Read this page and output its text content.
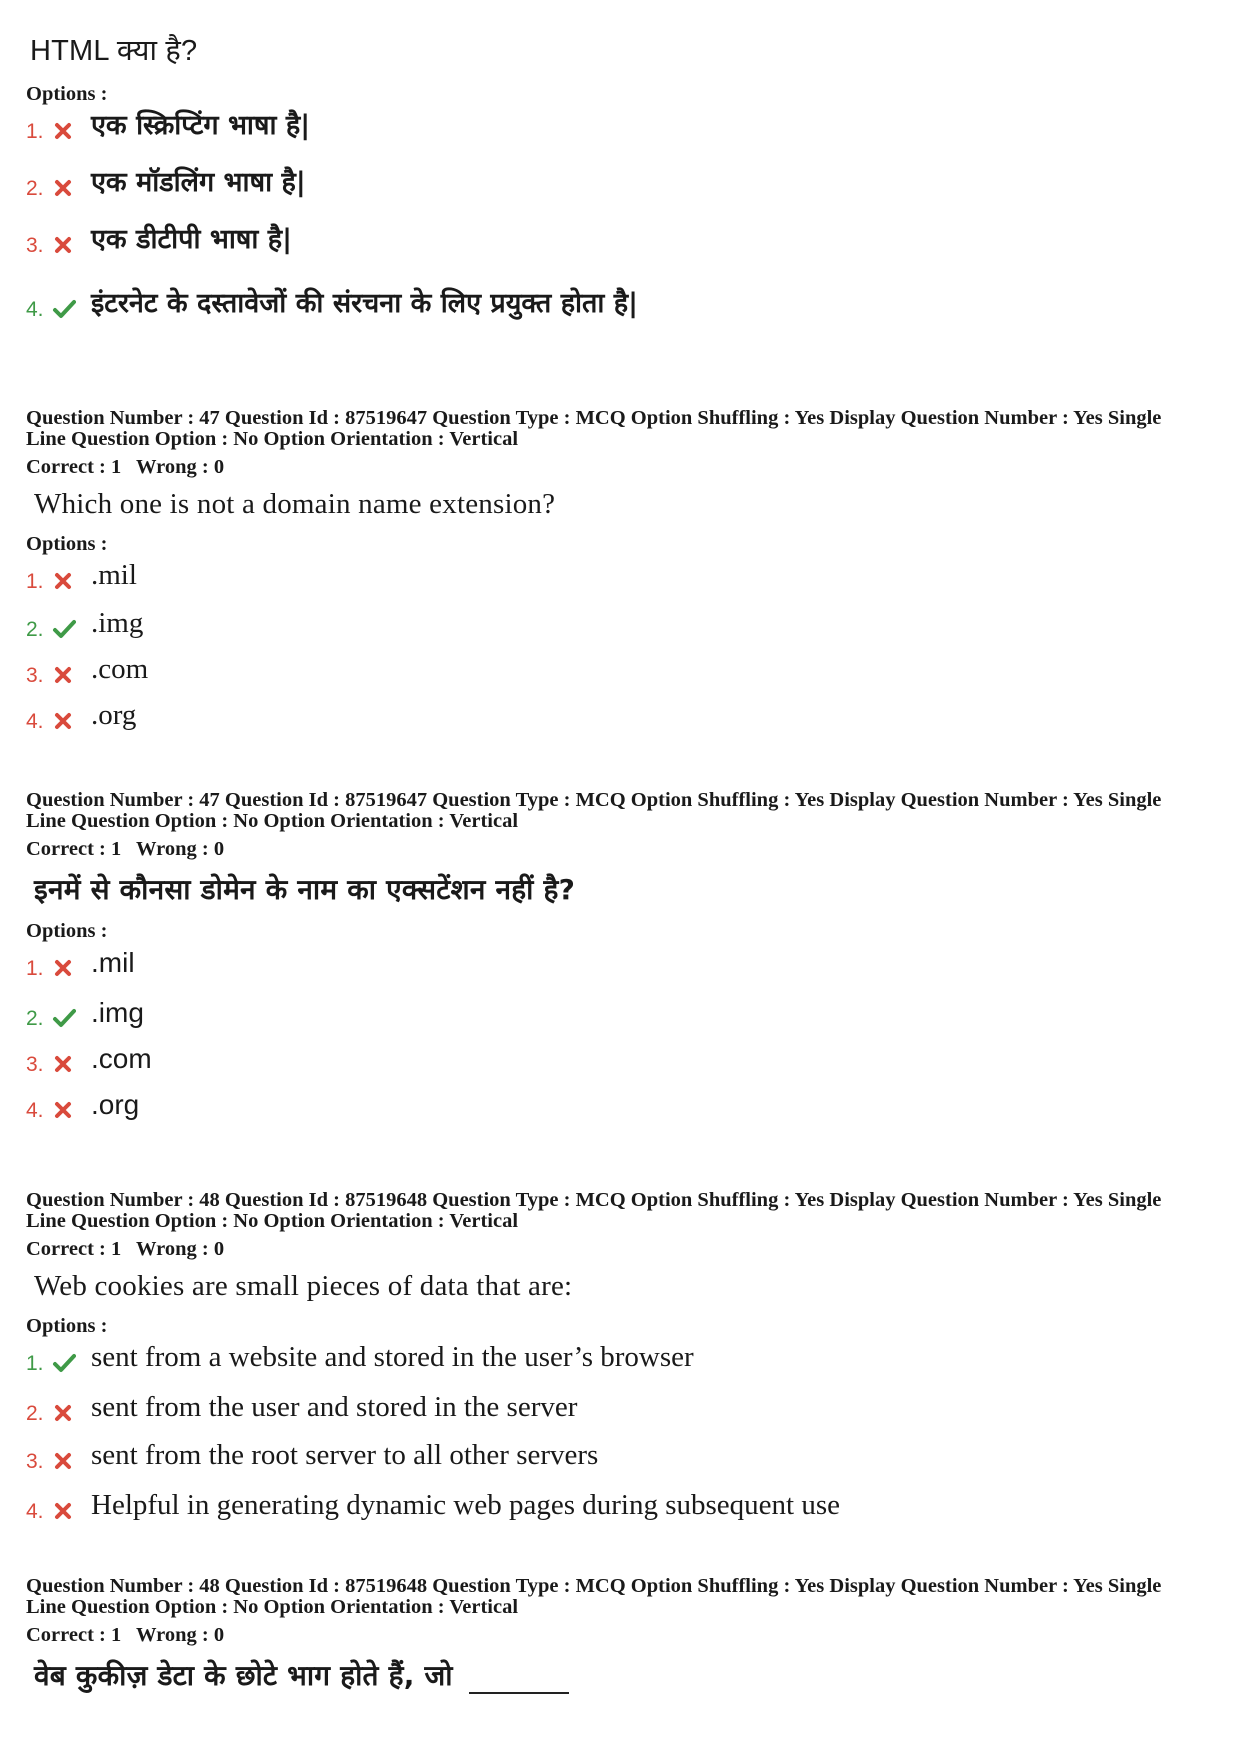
HTML क्या है?
Options :
1. एक स्क्रिप्टिंग भाषा है|
2. एक मॉडलिंग भाषा है|
3. एक डीटीपी भाषा है|
4. इंटरनेट के दस्तावेजों की संरचना के लिए प्रयुक्त होता है|
Question Number : 47 Question Id : 87519647 Question Type : MCQ Option Shuffling : Yes Display Question Number : Yes Single
Line Question Option : No Option Orientation : Vertical
Correct : 1 Wrong : 0
Which one is not a domain name extension?
Options :
1. .mil
2. .img
3. .com
4. .org
Question Number : 47 Question Id : 87519647 Question Type : MCQ Option Shuffling : Yes Display Question Number : Yes Single
Line Question Option : No Option Orientation : Vertical
Correct : 1 Wrong : 0
इनमें से कौनसा डोमेन के नाम का एक्सटेंशन नहीं है?
Options :
1. .mil
2. .img
3. .com
4. .org
Question Number : 48 Question Id : 87519648 Question Type : MCQ Option Shuffling : Yes Display Question Number : Yes Single
Line Question Option : No Option Orientation : Vertical
Correct : 1 Wrong : 0
Web cookies are small pieces of data that are:
Options :
1. sent from a website and stored in the user’s browser
2. sent from the user and stored in the server
3. sent from the root server to all other servers
4. Helpful in generating dynamic web pages during subsequent use
Question Number : 48 Question Id : 87519648 Question Type : MCQ Option Shuffling : Yes Display Question Number : Yes Single
Line Question Option : No Option Orientation : Vertical
Correct : 1 Wrong : 0
वेब कुकीज़ डेटा के छोटे भाग होते हैं, जो
